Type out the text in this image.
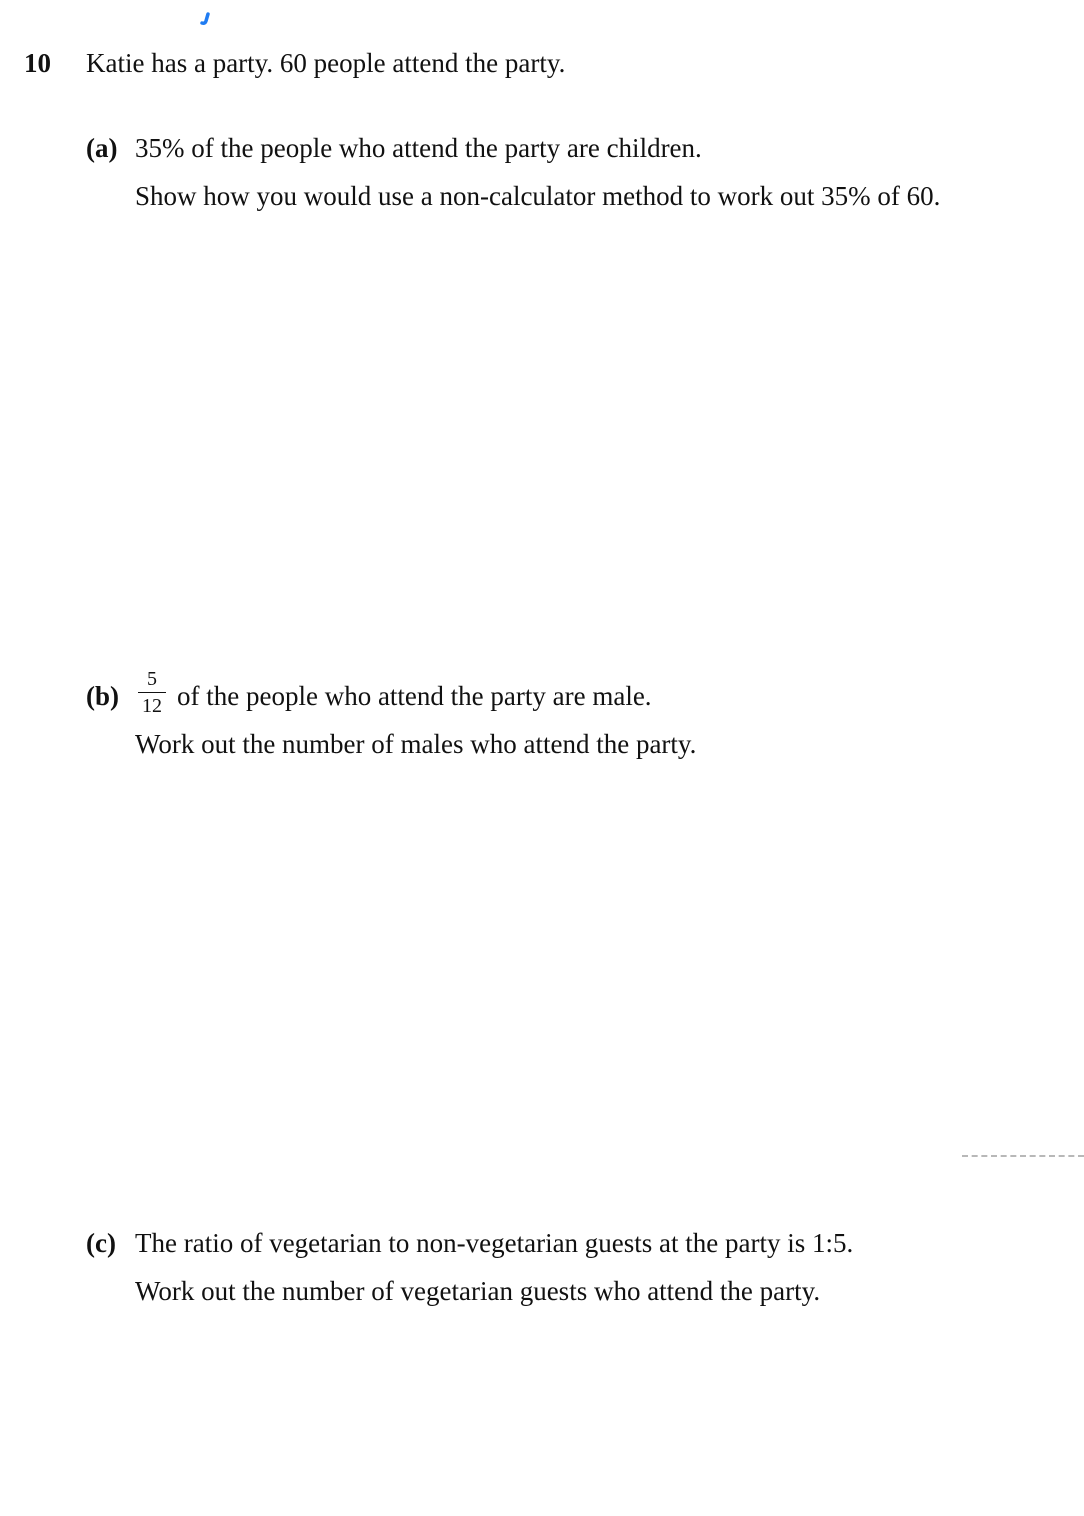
10 Katie has a party. 60 people attend the party.
(a) 35% of the people who attend the party are children.
Show how you would use a non-calculator method to work out 35% of 60.
(b)
5
12 of the people who attend the party are male.
Work out the number of males who attend the party.
(c) The ratio of vegetarian to non-vegetarian guests at the party is 1:5.
Work out the number of vegetarian guests who attend the party.
